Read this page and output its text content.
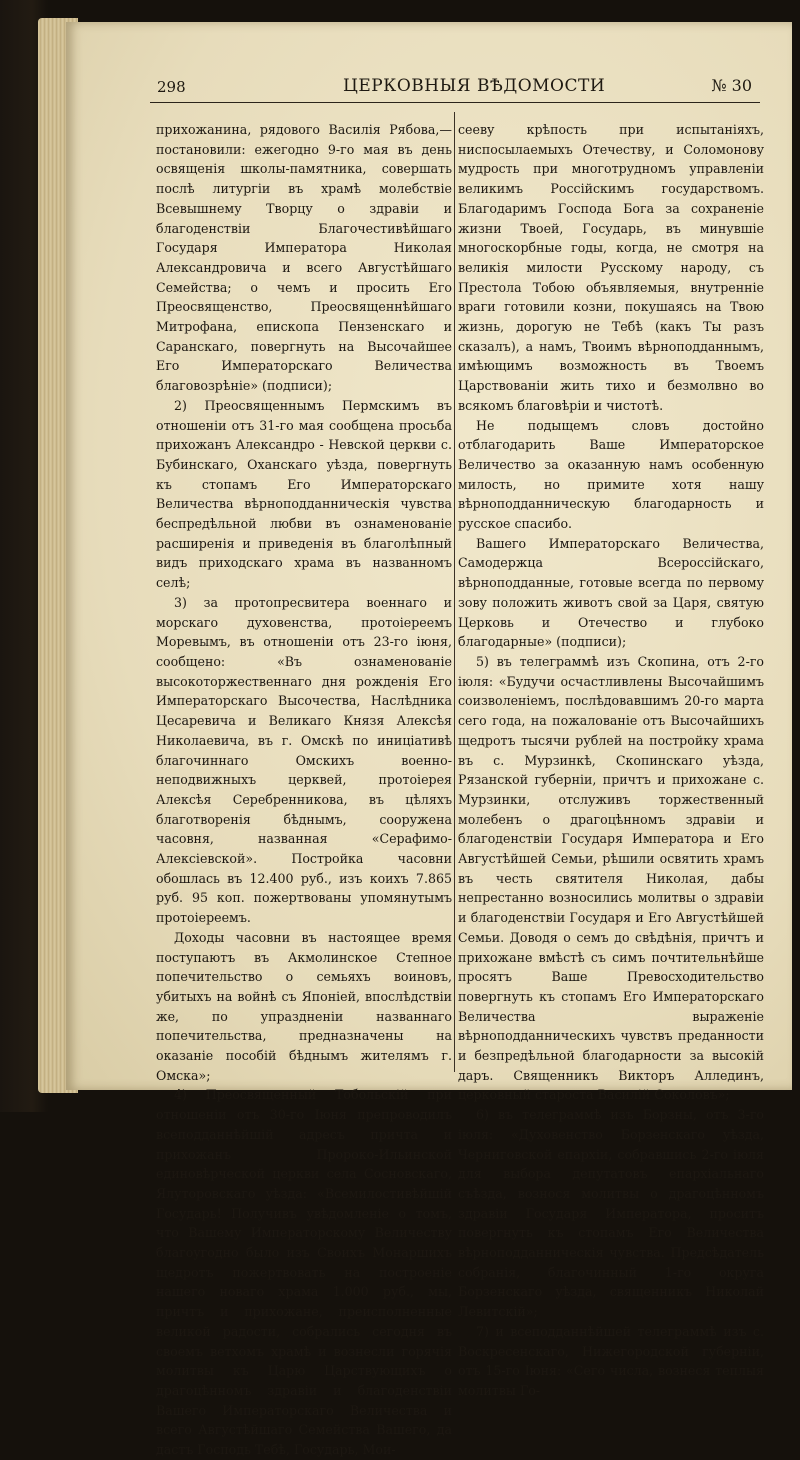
298	ЦЕРКОВНЫЯ ВѢДОМОСТИ	№ 30

прихожанина, рядового Василія Рябова,—постановили: ежегодно 9-го мая въ день освященія школы-памятника, совершать послѣ литургіи въ храмѣ молебствіе Всевышнему Творцу о здравіи и благоденствіи Благочестивѣйшаго Государя Императора Николая Александровича и всего Августѣйшаго Семейства; о чемъ и просить Его Преосвященство, Преосвященнѣйшаго Митрофана, епископа Пензенскаго и Саранскаго, повергнуть на Высочайшее Его Императорскаго Величества благовозрѣніе» (подписи);

2) Преосвященнымъ Пермскимъ въ отношеніи отъ 31-го мая сообщена просьба прихожанъ Александро - Невской церкви с. Бубинскаго, Оханскаго уѣзда, повергнуть къ стопамъ Его Императорскаго Величества вѣрноподданническія чувства беспредѣльной любви въ ознаменованіе расширенія и приведенія въ благолѣпный видъ приходскаго храма въ названномъ селѣ;

3) за протопресвитера военнаго и морскаго духовенства, протоіереемъ Моревымъ, въ отношеніи отъ 23-го іюня, сообщено: «Въ ознаменованіе высокоторжественнаго дня рожденія Его Императорскаго Высочества, Наслѣдника Цесаревича и Великаго Князя Алексѣя Николаевича, въ г. Омскѣ по иниціативѣ благочиннаго Омскихъ военно-неподвижныхъ церквей, протоіерея Алексѣя Серебренникова, въ цѣляхъ благотворенія бѣднымъ, сооружена часовня, названная «Серафимо-Алексіевской». Постройка часовни обошлась въ 12.400 руб., изъ коихъ 7.865 руб. 95 коп. пожертвованы упомянутымъ протоіереемъ.

Доходы часовни въ настоящее время поступаютъ въ Акмолинское Степное попечительство о семьяхъ воиновъ, убитыхъ на войнѣ съ Японіей, впослѣдствіи же, по упраздненіи названнаго попечительства, предназначены на оказаніе пособій бѣднымъ жителямъ г. Омска»;

4) Преосвященный Тобольскій при отношеніи отъ 30-го Іюня препроводилъ всеподданнѣйшій адресъ причта и прихожанъ Пророко-Ильинской единовѣрческой церкви села Сосновскаго, Ялуторовскаго уѣзда: «Всемилостивѣйшій Государь! Получивъ увѣдомленіе о томъ, что Вашему Императорскому Величеству благоугодно было изъ Своихъ Монаршихъ щедротъ пожертвовать на построеніе нашего новаго храма 1.000 руб., мы, причтъ и прихожане, преисполненные великой радости, собрались сегодня въ своемъ ветхомъ храмѣ и вознесли горячія молитвы къ Царю Царствующихъ о драгоцѣнномъ здравіи и благоденствіи Вашего Императорскаго Величества и всего Августѣйшаго Семейства Вашего, да дастъ Господь Тебѣ, Государь, Мои-

сееву крѣпость при испытаніяхъ, ниспосылаемыхъ Отечеству, и Соломонову мудрость при многотрудномъ управленіи великимъ Россійскимъ государствомъ. Благодаримъ Господа Бога за сохраненіе жизни Твоей, Государь, въ минувшіе многоскорбные годы, когда, не смотря на великія милости Русскому народу, съ Престола Тобою объявляемыя, внутренніе враги готовили козни, покушаясь на Твою жизнь, дорогую не Тебѣ (какъ Ты разъ сказалъ), а намъ, Твоимъ вѣрноподданнымъ, имѣющимъ возможность въ Твоемъ Царствованіи жить тихо и безмолвно во всякомъ благовѣріи и чистотѣ.

Не подыщемъ словъ достойно отблагодарить Ваше Императорское Величество за оказанную намъ особенную милость, но примите хотя нашу вѣрноподданническую благодарность и русское спасибо.

Вашего Императорскаго Величества, Самодержца Всероссійскаго, вѣрноподданные, готовые всегда по первому зову положить животъ свой за Царя, святую Церковь и Отечество и глубоко благодарные» (подписи);

5) въ телеграммѣ изъ Скопина, отъ 2-го іюля: «Будучи осчастливлены Высочайшимъ соизволеніемъ, послѣдовавшимъ 20-го марта сего года, на пожалованіе отъ Высочайшихъ щедротъ тысячи рублей на постройку храма въ с. Мурзинкѣ, Скопинскаго уѣзда, Рязанской губерніи, причтъ и прихожане с. Мурзинки, отслуживъ торжественный молебенъ о драгоцѣнномъ здравіи и благоденствіи Государя Императора и Его Августѣйшей Семьи, рѣшили освятить храмъ въ честь святителя Николая, дабы непрестанно возносились молитвы о здравіи и благоденствіи Государя и Его Августѣйшей Семьи. Доводя о семъ до свѣдѣнія, причтъ и прихожане вмѣстѣ съ симъ почтительнѣйше просятъ Ваше Превосходительство повергнуть къ стопамъ Его Императорскаго Величества выраженіе вѣрноподданническихъ чувствъ преданности и безпредѣльной благодарности за высокій даръ. Священникъ Викторъ Аллединъ, церковный староста Василій Соколовъ»;

6) въ телеграммѣ изъ Борзны, отъ 3-го іюля: «Духовенство Борзенскаго уѣзда, Черниговской епархіи, собравшись 2-го іюля для выбора депутатовъ епархіальнаго съѣзда, вознося молитвы о драгоцѣнномъ здравіи Государя Императора, проситъ повергнуть къ стопамъ Его Величества вѣрноподданническія чувства. Предсѣдатель собранія, благочинный 1-го округа Борзенскаго уѣзда, священникъ Николай Левитскій»;

7) и всеподданнѣйшей телеграммѣ изъ с. Воскресенскаго, Нижегородской губерніи, отъ 15-го Іюня: «Сего числа, вознеся теплыя молитвы Го-
